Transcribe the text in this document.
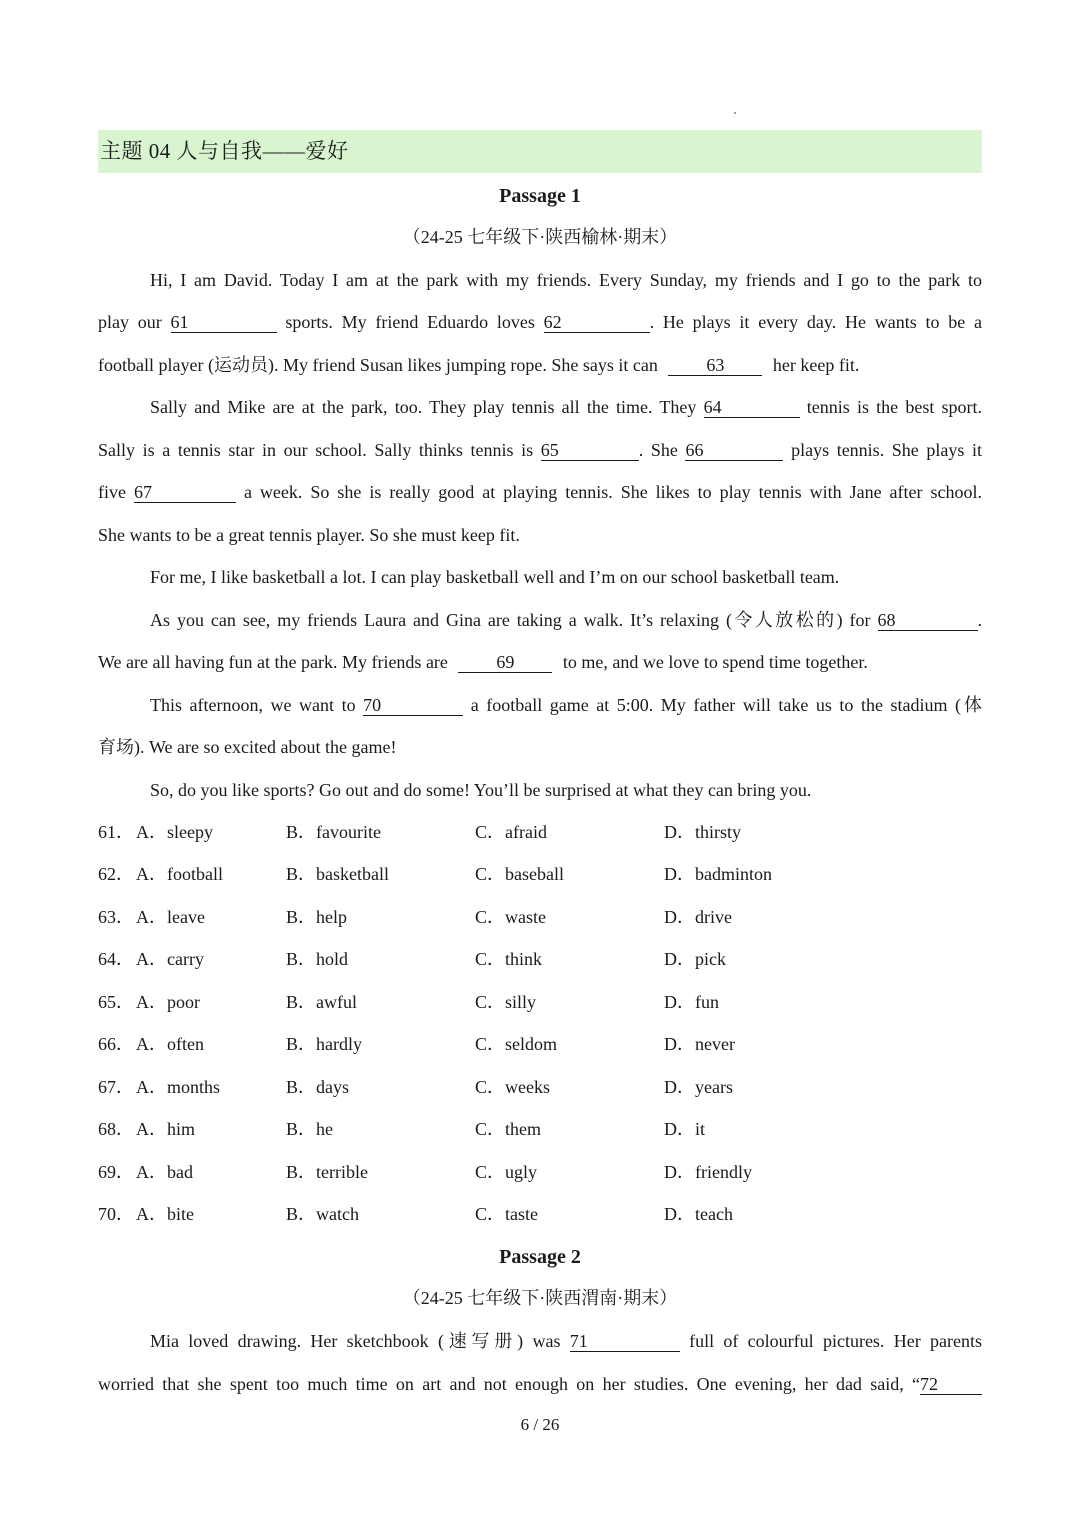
主题 04 人与自我——爱好
Passage 1
（24-25 七年级下·陕西榆林·期末）
Hi, I am David. Today I am at the park with my friends. Every Sunday, my friends and I go to the park to
play our 61	sports. My friend Eduardo loves 62	. He plays it every day. He wants to be a
football player (运动员). My friend Susan likes jumping rope. She says it can	63	her keep fit.
Sally and Mike are at the park, too. They play tennis all the time. They 64	tennis is the best sport.
Sally is a tennis star in our school. Sally thinks tennis is 65	. She 66	plays tennis. She plays it
five 67	a week. So she is really good at playing tennis. She likes to play tennis with Jane after school.
She wants to be a great tennis player. So she must keep fit.
For me, I like basketball a lot. I can play basketball well and I’m on our school basketball team.
As you can see, my friends Laura and Gina are taking a walk. It’s relaxing (令人放松的) for 68	.
We are all having fun at the park. My friends are	69	to me, and we love to spend time together.
This afternoon, we want to 70	a football game at 5:00. My father will take us to the stadium (体
育场). We are so excited about the game!
So, do you like sports? Go out and do some! You’ll be surprised at what they can bring you.
61． A．sleepy	B．favourite	C．afraid	D．thirsty
62． A．football	B．basketball	C．baseball	D．badminton
63． A．leave	B．help	C．waste	D．drive
64． A．carry	B．hold	C．think	D．pick
65． A．poor	B．awful	C．silly	D．fun
66． A．often	B．hardly	C．seldom	D．never
67． A．months	B．days	C．weeks	D．years
68． A．him	B．he	C．them	D．it
69． A．bad	B．terrible	C．ugly	D．friendly
70． A．bite	B．watch	C．taste	D．teach
Passage 2
（24-25 七年级下·陕西渭南·期末）
Mia loved drawing. Her sketchbook (速写册) was 71	full of colourful pictures. Her parents
worried that she spent too much time on art and not enough on her studies. One evening, her dad said, “72
6 / 26
